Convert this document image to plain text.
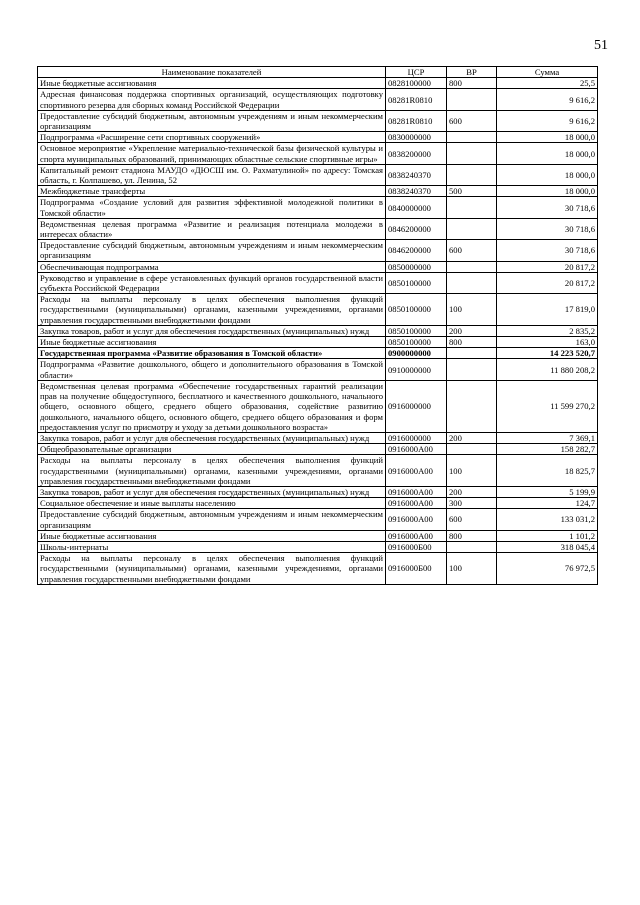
51
Наименование показателей	ЦСР	ВР	Сумма
Иные бюджетные ассигнования	0828100000	800	25,5
Адресная финансовая поддержка спортивных организаций, осуществляющих подготовку спортивного резерва для сборных команд Российской Федерации	08281R0810		9 616,2
Предоставление субсидий бюджетным, автономным учреждениям и иным некоммерческим организациям	08281R0810	600	9 616,2
Подпрограмма «Расширение сети спортивных сооружений»	0830000000		18 000,0
Основное мероприятие «Укрепление материально-технической базы физической культуры и спорта муниципальных образований, принимающих областные сельские спортивные игры»	0838200000		18 000,0
Капитальный ремонт стадиона МАУДО «ДЮСШ им. О. Рахматулиной» по адресу: Томская область, г. Колпашево, ул. Ленина, 52	0838240370		18 000,0
Межбюджетные трансферты	0838240370	500	18 000,0
Подпрограмма «Создание условий для развития эффективной молодежной политики в Томской области»	0840000000		30 718,6
Ведомственная целевая программа «Развитие и реализация потенциала молодежи в интересах области»	0846200000		30 718,6
Предоставление субсидий бюджетным, автономным учреждениям и иным некоммерческим организациям	0846200000	600	30 718,6
Обеспечивающая подпрограмма	0850000000		20 817,2
Руководство и управление в сфере установленных функций органов государственной власти субъекта Российской Федерации	0850100000		20 817,2
Расходы на выплаты персоналу в целях обеспечения выполнения функций государственными (муниципальными) органами, казенными учреждениями, органами управления государственными внебюджетными фондами	0850100000	100	17 819,0
Закупка товаров, работ и услуг для обеспечения государственных (муниципальных) нужд	0850100000	200	2 835,2
Иные бюджетные ассигнования	0850100000	800	163,0
Государственная программа «Развитие образования в Томской области»	0900000000		14 223 520,7
Подпрограмма «Развитие дошкольного, общего и дополнительного образования в Томской области»	0910000000		11 880 208,2
Ведомственная целевая программа «Обеспечение государственных гарантий реализации прав на получение общедоступного, бесплатного и качественного дошкольного, начального общего, основного общего, среднего общего образования, содействие развитию дошкольного, начального общего, основного общего, среднего общего образования и форм предоставления услуг по присмотру и уходу за детьми дошкольного возраста»	0916000000		11 599 270,2
Закупка товаров, работ и услуг для обеспечения государственных (муниципальных) нужд	0916000000	200	7 369,1
Общеобразовательные организации	0916000А00		158 282,7
Расходы на выплаты персоналу в целях обеспечения выполнения функций государственными (муниципальными) органами, казенными учреждениями, органами управления государственными внебюджетными фондами	0916000А00	100	18 825,7
Закупка товаров, работ и услуг для обеспечения государственных (муниципальных) нужд	0916000А00	200	5 199,9
Социальное обеспечение и иные выплаты населению	0916000А00	300	124,7
Предоставление субсидий бюджетным, автономным учреждениям и иным некоммерческим организациям	0916000А00	600	133 031,2
Иные бюджетные ассигнования	0916000А00	800	1 101,2
Школы-интернаты	0916000Б00		318 045,4
Расходы на выплаты персоналу в целях обеспечения выполнения функций государственными (муниципальными) органами, казенными учреждениями, органами управления государственными внебюджетными фондами	0916000Б00	100	76 972,5
